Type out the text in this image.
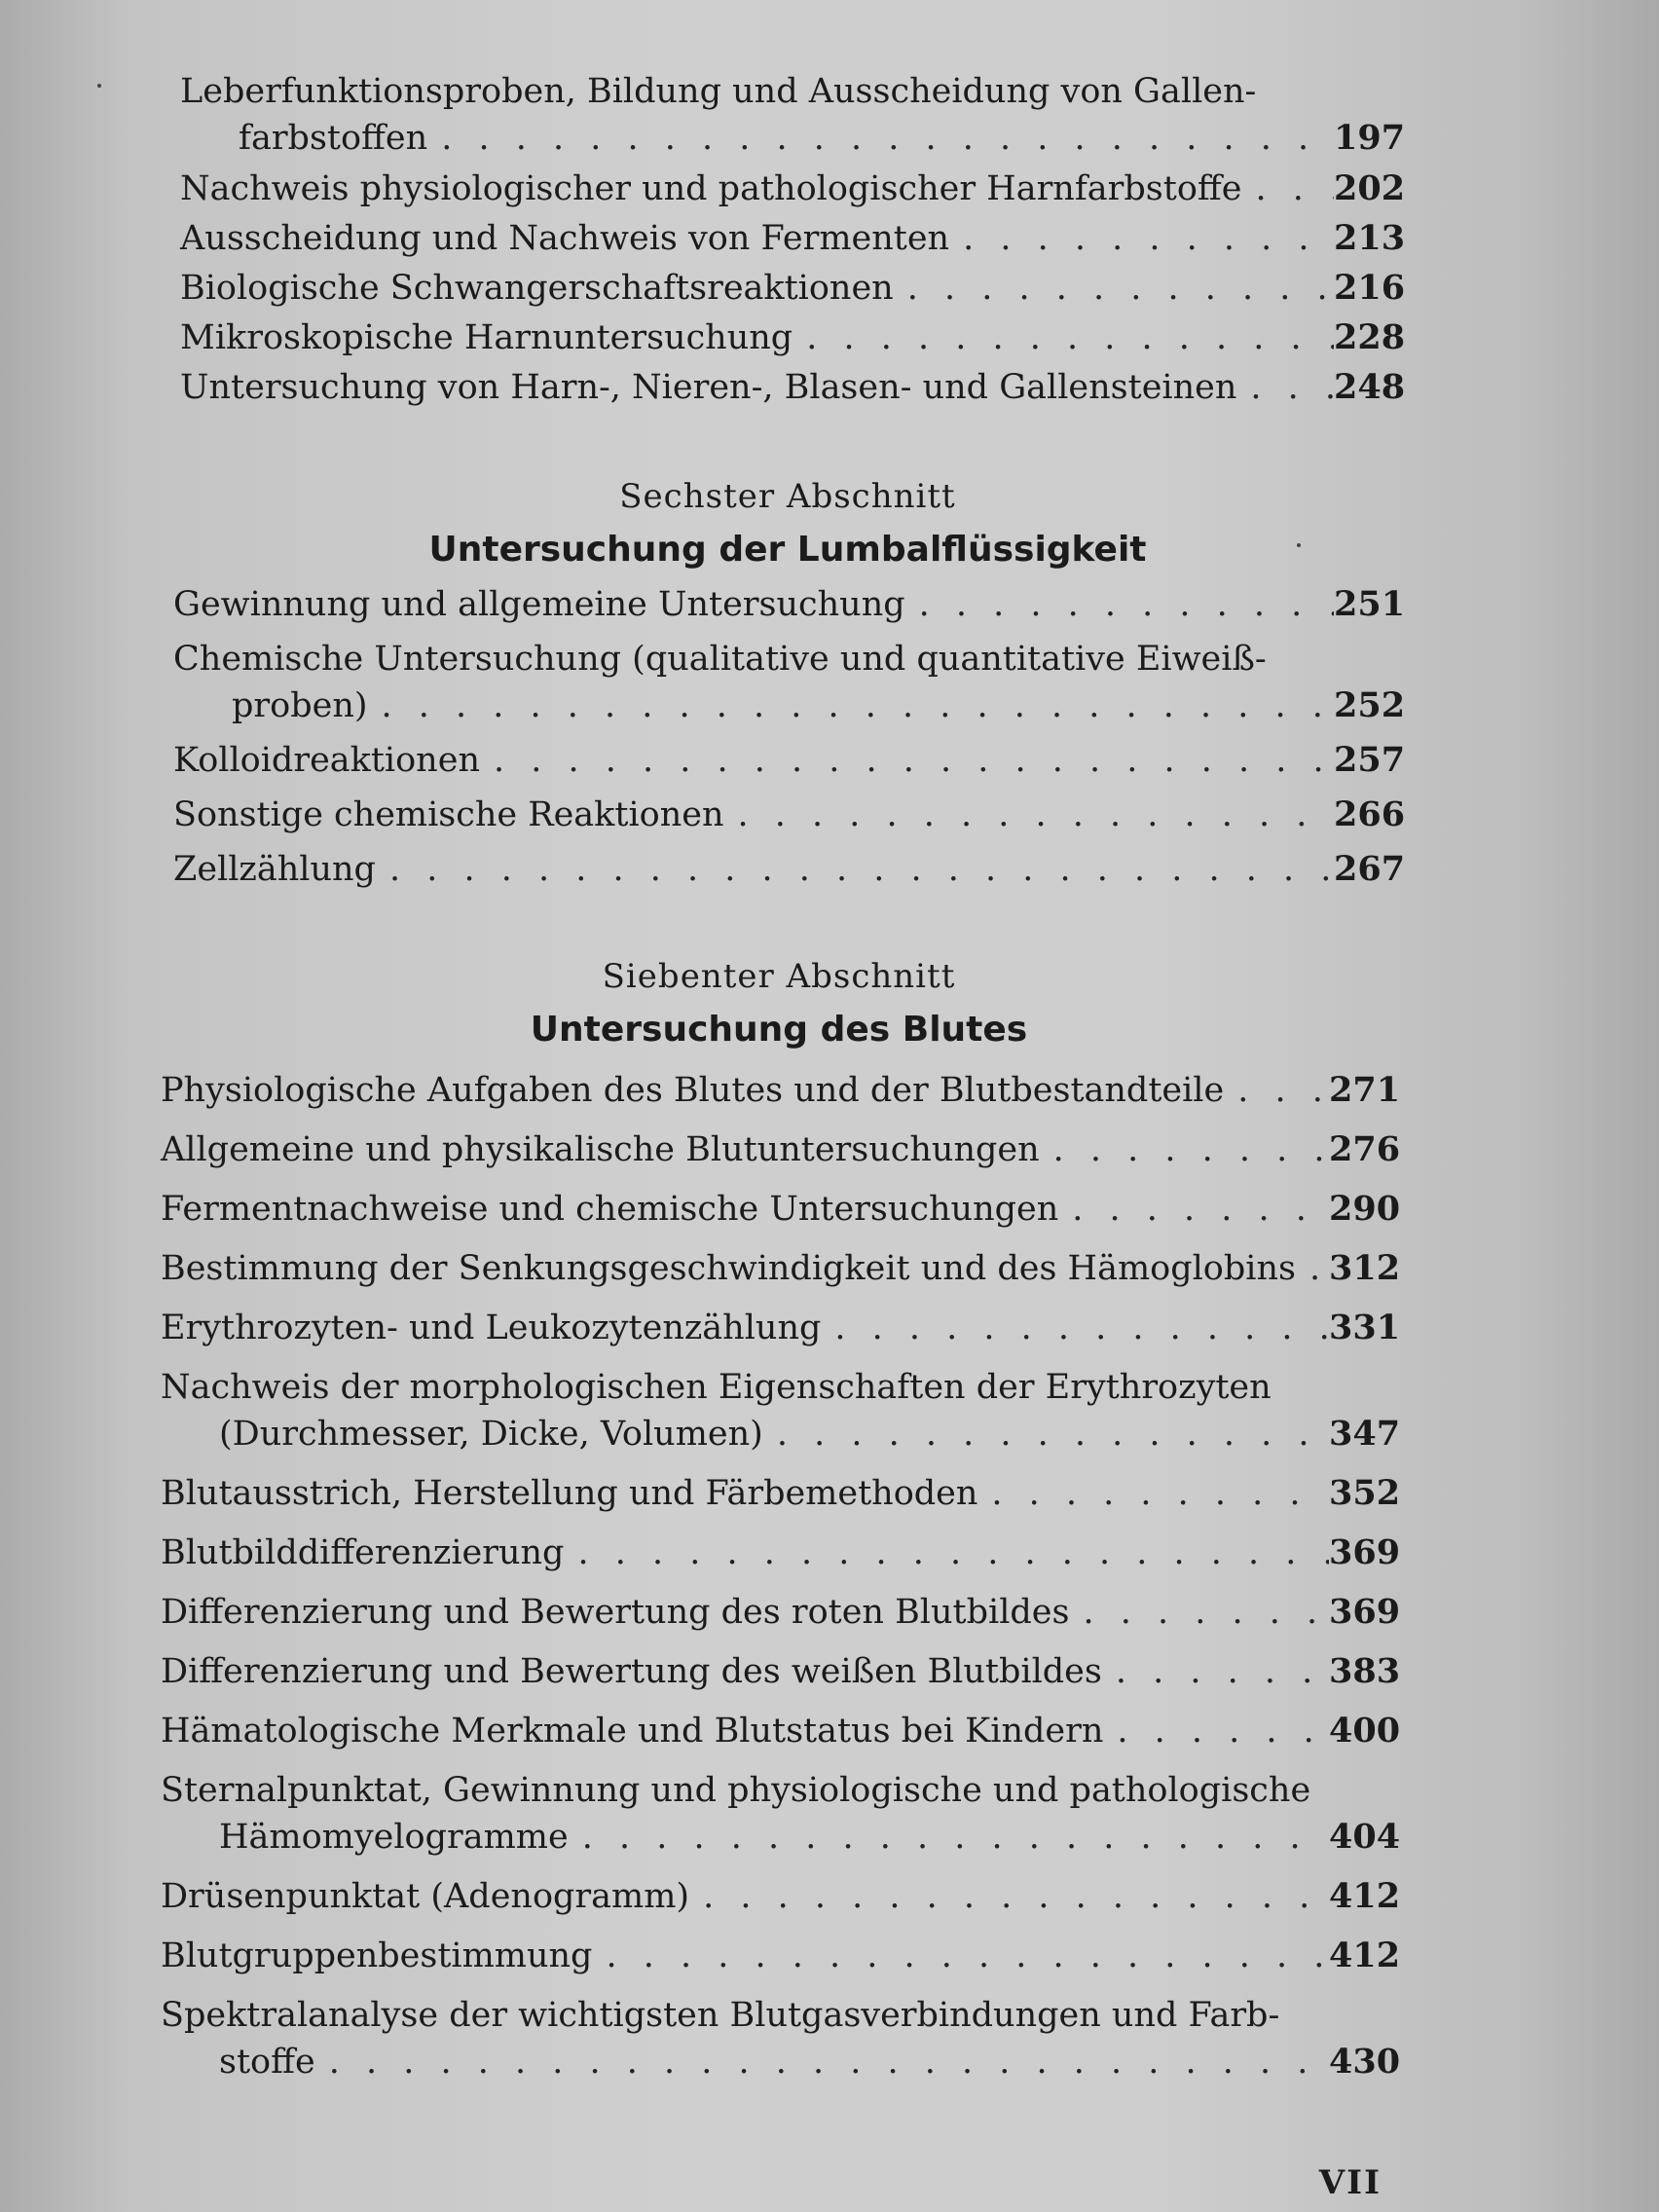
Leberfunktionsproben, Bildung und Ausscheidung von Gallen-
farbstoffen . . .	197
Nachweis physiologischer und pathologischer Harnfarbstoffe . . .	202
Ausscheidung und Nachweis von Fermenten . . .	213
Biologische Schwangerschaftsreaktionen . . .	216
Mikroskopische Harnuntersuchung . . .	228
Untersuchung von Harn-, Nieren-, Blasen- und Gallensteinen . . .	248

Sechster Abschnitt

Untersuchung der Lumbalflüssigkeit

Gewinnung und allgemeine Untersuchung . . .	251
Chemische Untersuchung (qualitative und quantitative Eiweiß-
proben) . . .	252
Kolloidreaktionen . . .	257
Sonstige chemische Reaktionen . . .	266
Zellzählung . . .	267

Siebenter Abschnitt

Untersuchung des Blutes

Physiologische Aufgaben des Blutes und der Blutbestandteile . . .	271
Allgemeine und physikalische Blutuntersuchungen . . .	276
Fermentnachweise und chemische Untersuchungen . . .	290
Bestimmung der Senkungsgeschwindigkeit und des Hämoglobins . . . 312
Erythrozyten- und Leukozytenzählung . . .	331
Nachweis der morphologischen Eigenschaften der Erythrozyten
(Durchmesser, Dicke, Volumen) . . .	347
Blutausstrich, Herstellung und Färbemethoden . . .	352
Blutbilddifferenzierung . . .	369
Differenzierung und Bewertung des roten Blutbildes . . .	369
Differenzierung und Bewertung des weißen Blutbildes . . .	383
Hämatologische Merkmale und Blutstatus bei Kindern . . .	400
Sternalpunktat, Gewinnung und physiologische und pathologische
Hämomyelogramme . . .	404
Drüsenpunktat (Adenogramm) . . .	412
Blutgruppenbestimmung . . .	412
Spektralanalyse der wichtigsten Blutgasverbindungen und Farb-
stoffe . . .	430
VII
